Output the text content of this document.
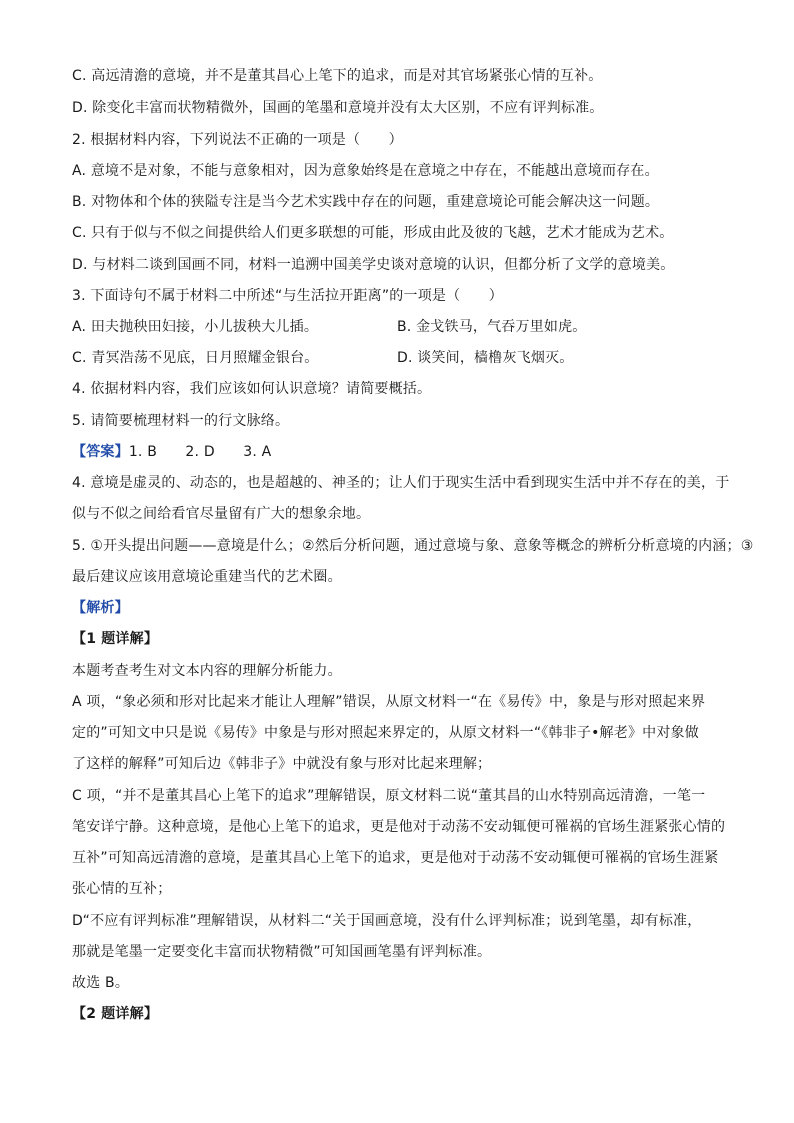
C. 高远清澹的意境，并不是董其昌心上笔下的追求，而是对其官场紧张心情的互补。
D. 除变化丰富而状物精微外，国画的笔墨和意境并没有太大区别，不应有评判标准。
2. 根据材料内容，下列说法不正确的一项是（　　）
A. 意境不是对象，不能与意象相对，因为意象始终是在意境之中存在，不能越出意境而存在。
B. 对物体和个体的狭隘专注是当今艺术实践中存在的问题，重建意境论可能会解决这一问题。
C. 只有于似与不似之间提供给人们更多联想的可能，形成由此及彼的飞越，艺术才能成为艺术。
D. 与材料二谈到国画不同，材料一追溯中国美学史谈对意境的认识，但都分析了文学的意境美。
3. 下面诗句不属于材料二中所述“与生活拉开距离”的一项是（　　）
A. 田夫抛秧田妇接，小儿拔秧大儿插。	B. 金戈铁马，气吞万里如虎。
C. 青冥浩荡不见底，日月照耀金银台。	D. 谈笑间，樯橹灰飞烟灭。
4. 依据材料内容，我们应该如何认识意境？请简要概括。
5. 请简要梳理材料一的行文脉络。
【答案】1. B　　2. D　　3. A
4. 意境是虚灵的、动态的，也是超越的、神圣的；让人们于现实生活中看到现实生活中并不存在的美，于
似与不似之间给看官尽量留有广大的想象余地。
5. ①开头提出问题——意境是什么；②然后分析问题，通过意境与象、意象等概念的辨析分析意境的内涵；③
最后建议应该用意境论重建当代的艺术圈。
【解析】
【1 题详解】
本题考查考生对文本内容的理解分析能力。
A 项，“象必须和形对比起来才能让人理解”错误，从原文材料一“在《易传》中，象是与形对照起来界
定的”可知文中只是说《易传》中象是与形对照起来界定的，从原文材料一“《韩非子•解老》中对象做
了这样的解释”可知后边《韩非子》中就没有象与形对比起来理解；
C 项，“并不是董其昌心上笔下的追求”理解错误，原文材料二说“董其昌的山水特别高远清澹，一笔一
笔安详宁静。这种意境，是他心上笔下的追求，更是他对于动荡不安动辄便可罹祸的官场生涯紧张心情的
互补”可知高远清澹的意境，是董其昌心上笔下的追求，更是他对于动荡不安动辄便可罹祸的官场生涯紧
张心情的互补；
D“不应有评判标准”理解错误，从材料二“关于国画意境，没有什么评判标准；说到笔墨，却有标准，
那就是笔墨一定要变化丰富而状物精微”可知国画笔墨有评判标准。
故选 B。
【2 题详解】
